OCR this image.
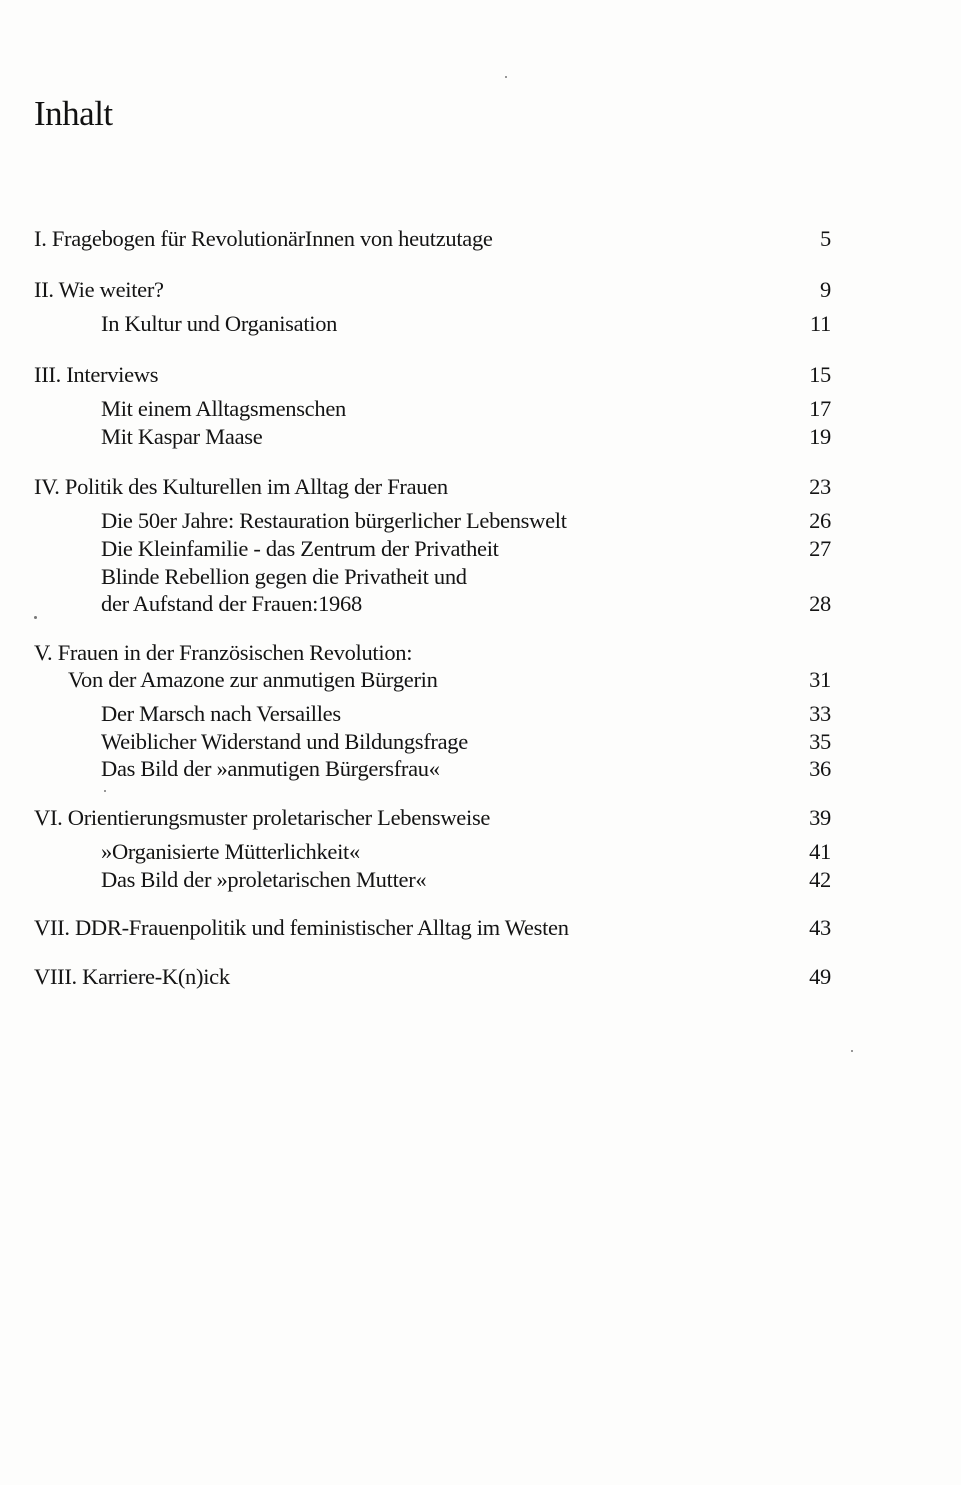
Inhalt
I. Fragebogen für RevolutionärInnen von heutzutage	5
II. Wie weiter?	9
In Kultur und Organisation	11
III. Interviews	15
Mit einem Alltagsmenschen	17
Mit Kaspar Maase	19
IV. Politik des Kulturellen im Alltag der Frauen	23
Die 50er Jahre: Restauration bürgerlicher Lebenswelt	26
Die Kleinfamilie - das Zentrum der Privatheit	27
Blinde Rebellion gegen die Privatheit und
der Aufstand der Frauen:1968	28
V. Frauen in der Französischen Revolution:
Von der Amazone zur anmutigen Bürgerin	31
Der Marsch nach Versailles	33
Weiblicher Widerstand und Bildungsfrage	35
Das Bild der »anmutigen Bürgersfrau«	36
VI. Orientierungsmuster proletarischer Lebensweise	39
»Organisierte Mütterlichkeit«	41
Das Bild der »proletarischen Mutter«	42
VII. DDR-Frauenpolitik und feministischer Alltag im Westen	43
VIII. Karriere-K(n)ick	49
